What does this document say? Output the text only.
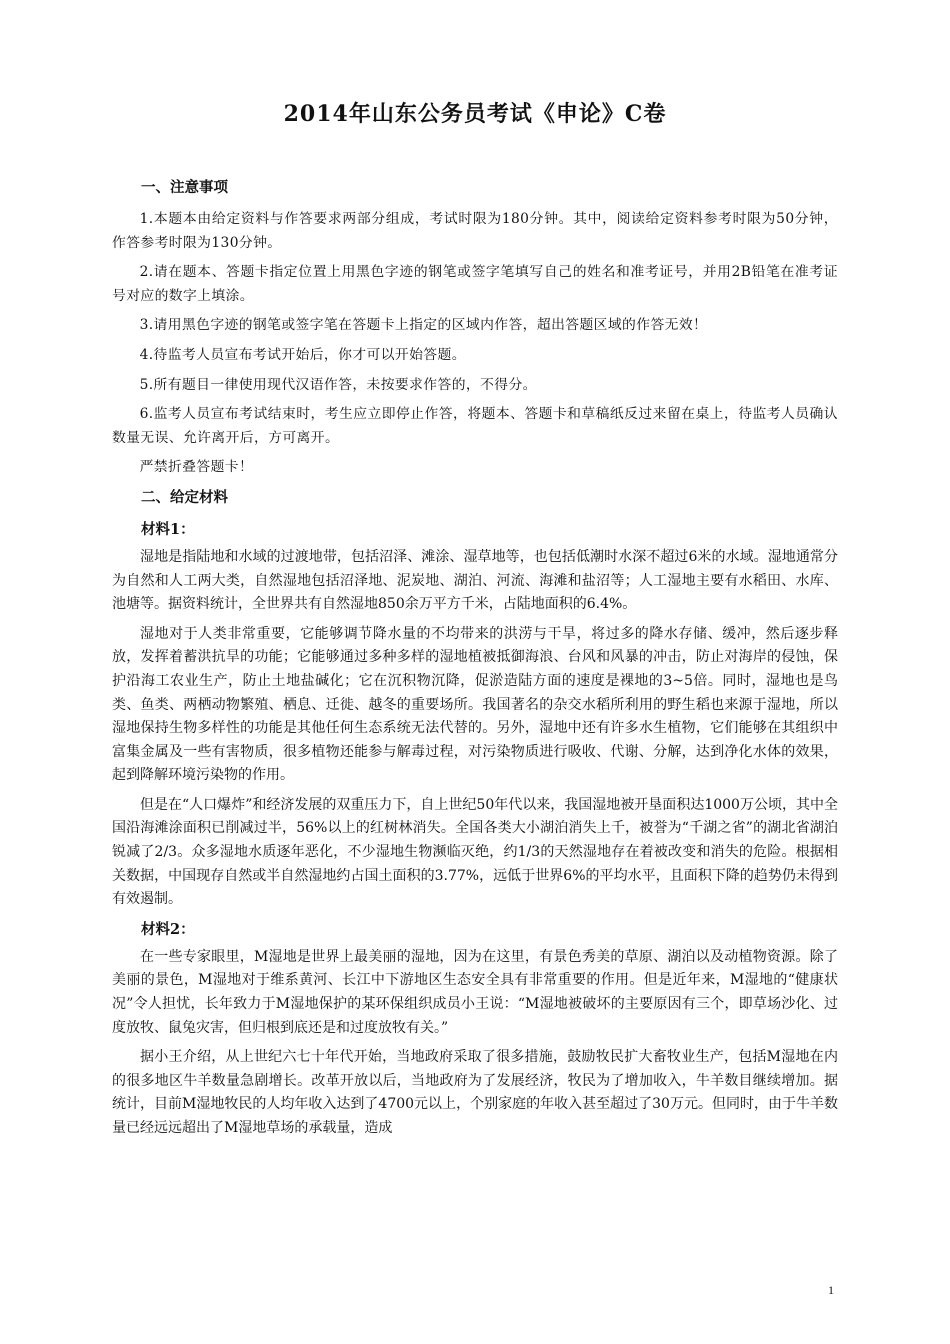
2014年山东公务员考试《申论》C卷
一、注意事项

1.本题本由给定资料与作答要求两部分组成，考试时限为180分钟。其中，阅读给定资料参考时限为50分钟，作答参考时限为130分钟。

2.请在题本、答题卡指定位置上用黑色字迹的钢笔或签字笔填写自己的姓名和准考证号，并用2B铅笔在准考证号对应的数字上填涂。

3.请用黑色字迹的钢笔或签字笔在答题卡上指定的区域内作答，超出答题区域的作答无效！

4.待监考人员宣布考试开始后，你才可以开始答题。

5.所有题目一律使用现代汉语作答，未按要求作答的，不得分。

6.监考人员宣布考试结束时，考生应立即停止作答，将题本、答题卡和草稿纸反过来留在桌上，待监考人员确认数量无误、允许离开后，方可离开。

严禁折叠答题卡！

二、给定材料
材料1：

湿地是指陆地和水域的过渡地带，包括沼泽、滩涂、湿草地等，也包括低潮时水深不超过6米的水域。湿地通常分为自然和人工两大类，自然湿地包括沼泽地、泥炭地、湖泊、河流、海滩和盐沼等；人工湿地主要有水稻田、水库、池塘等。据资料统计，全世界共有自然湿地850余万平方千米，占陆地面积的6.4%。

湿地对于人类非常重要，它能够调节降水量的不均带来的洪涝与干旱，将过多的降水存储、缓冲，然后逐步释放，发挥着蓄洪抗旱的功能；它能够通过多种多样的湿地植被抵御海浪、台风和风暴的冲击，防止对海岸的侵蚀，保护沿海工农业生产，防止土地盐碱化；它在沉积物沉降，促淤造陆方面的速度是裸地的3~5倍。同时，湿地也是鸟类、鱼类、两栖动物繁殖、栖息、迁徙、越冬的重要场所。我国著名的杂交水稻所利用的野生稻也来源于湿地，所以湿地保持生物多样性的功能是其他任何生态系统无法代替的。另外，湿地中还有许多水生植物，它们能够在其组织中富集金属及一些有害物质，很多植物还能参与解毒过程，对污染物质进行吸收、代谢、分解，达到净化水体的效果，起到降解环境污染物的作用。

但是在“人口爆炸”和经济发展的双重压力下，自上世纪50年代以来，我国湿地被开垦面积达1000万公顷，其中全国沿海滩涂面积已削减过半，56%以上的红树林消失。全国各类大小湖泊消失上千，被誉为“千湖之省”的湖北省湖泊锐减了2/3。众多湿地水质逐年恶化，不少湿地生物濒临灭绝，约1/3的天然湿地存在着被改变和消失的危险。根据相关数据，中国现存自然或半自然湿地约占国土面积的3.77%，远低于世界6%的平均水平，且面积下降的趋势仍未得到有效遏制。

材料2：

在一些专家眼里，M湿地是世界上最美丽的湿地，因为在这里，有景色秀美的草原、湖泊以及动植物资源。除了美丽的景色，M湿地对于维系黄河、长江中下游地区生态安全具有非常重要的作用。但是近年来，M湿地的“健康状况”令人担忧，长年致力于M湿地保护的某环保组织成员小王说：“M湿地被破坏的主要原因有三个，即草场沙化、过度放牧、鼠兔灾害，但归根到底还是和过度放牧有关。”

据小王介绍，从上世纪六七十年代开始，当地政府采取了很多措施，鼓励牧民扩大畜牧业生产，包括M湿地在内的很多地区牛羊数量急剧增长。改革开放以后，当地政府为了发展经济，牧民为了增加收入，牛羊数目继续增加。据统计，目前M湿地牧民的人均年收入达到了4700元以上，个别家庭的年收入甚至超过了30万元。但同时，由于牛羊数量已经远远超出了M湿地草场的承载量，造成

1
